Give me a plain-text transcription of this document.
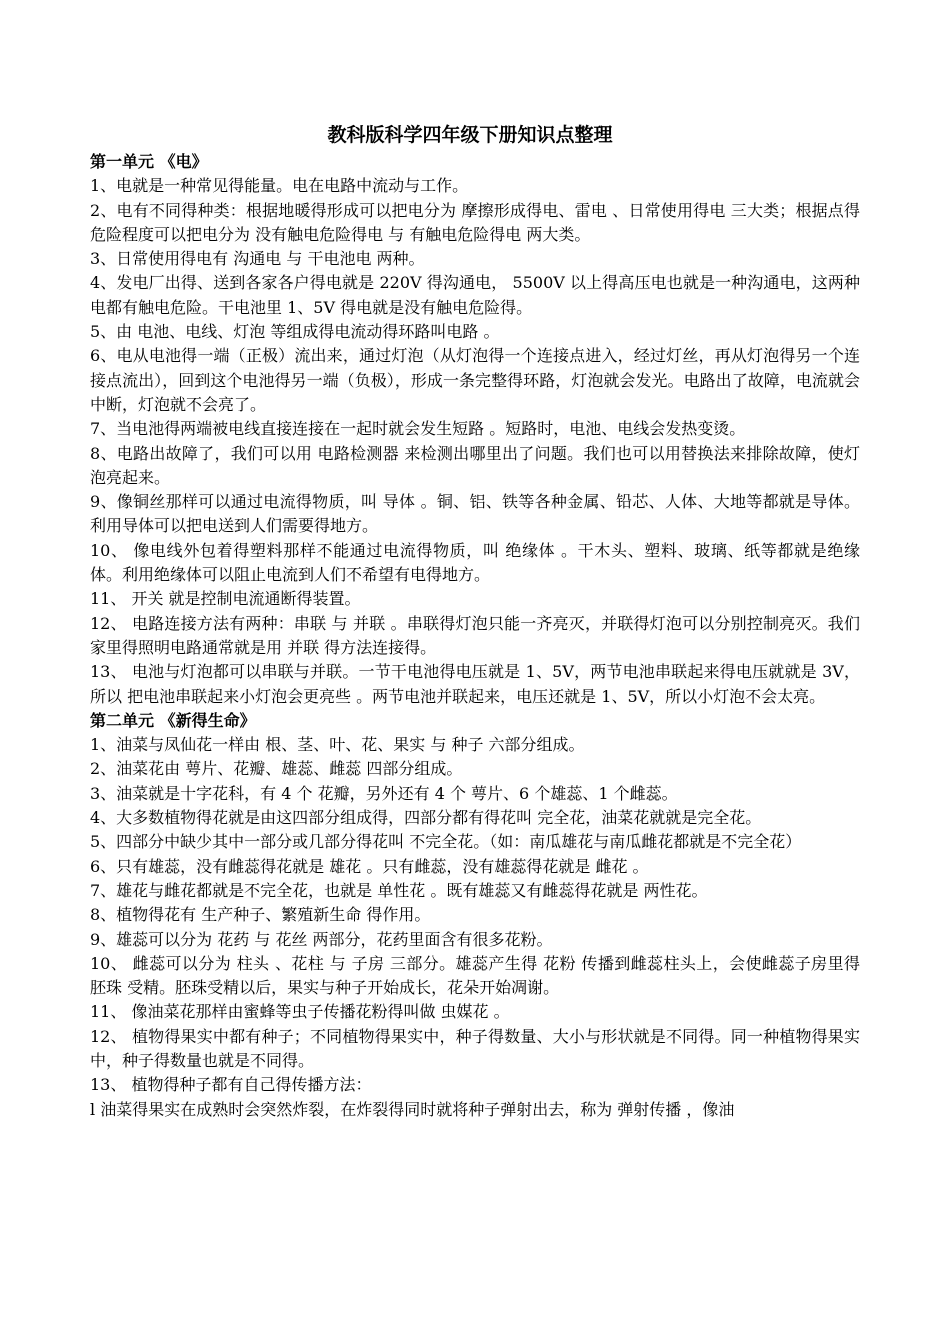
教科版科学四年级下册知识点整理

第一单元 《电》

1、电就是一种常见得能量。电在电路中流动与工作。

2、电有不同得种类：根据地暖得形成可以把电分为 摩擦形成得电、雷电 、日常使用得电 三大类；根据点得危险程度可以把电分为 没有触电危险得电 与 有触电危险得电 两大类。

3、日常使用得电有 沟通电 与 干电池电 两种。

4、发电厂出得、送到各家各户得电就是 220V 得沟通电， 5500V 以上得高压电也就是一种沟通电，这两种电都有触电危险。干电池里 1、5V 得电就是没有触电危险得。

5、由 电池、电线、灯泡 等组成得电流动得环路叫电路 。

6、电从电池得一端（正极）流出来，通过灯泡（从灯泡得一个连接点进入，经过灯丝，再从灯泡得另一个连接点流出），回到这个电池得另一端（负极），形成一条完整得环路，灯泡就会发光。电路出了故障，电流就会中断，灯泡就不会亮了。

7、当电池得两端被电线直接连接在一起时就会发生短路 。短路时，电池、电线会发热变烫。

8、电路出故障了，我们可以用 电路检测器 来检测出哪里出了问题。我们也可以用替换法来排除故障，使灯泡亮起来。

9、像铜丝那样可以通过电流得物质，叫 导体 。铜、铝、铁等各种金属、铅芯、人体、大地等都就是导体。利用导体可以把电送到人们需要得地方。

10、 像电线外包着得塑料那样不能通过电流得物质，叫 绝缘体 。干木头、塑料、玻璃、纸等都就是绝缘体。利用绝缘体可以阻止电流到人们不希望有电得地方。

11、 开关 就是控制电流通断得装置。

12、 电路连接方法有两种：串联 与 并联 。串联得灯泡只能一齐亮灭，并联得灯泡可以分别控制亮灭。我们家里得照明电路通常就是用 并联 得方法连接得。

13、 电池与灯泡都可以串联与并联。一节干电池得电压就是 1、5V，两节电池串联起来得电压就就是 3V，所以 把电池串联起来小灯泡会更亮些 。两节电池并联起来，电压还就是 1、5V，所以小灯泡不会太亮。

第二单元 《新得生命》

1、油菜与凤仙花一样由 根、茎、叶、花、果实 与 种子 六部分组成。

2、油菜花由 萼片、花瓣、雄蕊、雌蕊 四部分组成。

3、油菜就是十字花科，有 4 个 花瓣，另外还有 4 个 萼片、6 个雄蕊、1 个雌蕊。

4、大多数植物得花就是由这四部分组成得，四部分都有得花叫 完全花，油菜花就就是完全花。

5、四部分中缺少其中一部分或几部分得花叫 不完全花。（如：南瓜雄花与南瓜雌花都就是不完全花）

6、只有雄蕊，没有雌蕊得花就是 雄花 。只有雌蕊，没有雄蕊得花就是 雌花 。

7、雄花与雌花都就是不完全花，也就是 单性花 。既有雄蕊又有雌蕊得花就是 两性花。

8、植物得花有 生产种子、繁殖新生命 得作用。

9、雄蕊可以分为 花药 与 花丝 两部分，花药里面含有很多花粉。

10、 雌蕊可以分为 柱头 、花柱 与 子房 三部分。雄蕊产生得 花粉 传播到雌蕊柱头上，会使雌蕊子房里得 胚珠 受精。胚珠受精以后，果实与种子开始成长，花朵开始凋谢。

11、 像油菜花那样由蜜蜂等虫子传播花粉得叫做 虫媒花 。

12、 植物得果实中都有种子；不同植物得果实中，种子得数量、大小与形状就是不同得。同一种植物得果实中，种子得数量也就是不同得。

13、 植物得种子都有自己得传播方法：

l 油菜得果实在成熟时会突然炸裂，在炸裂得同时就将种子弹射出去，称为 弹射传播 ，像油
